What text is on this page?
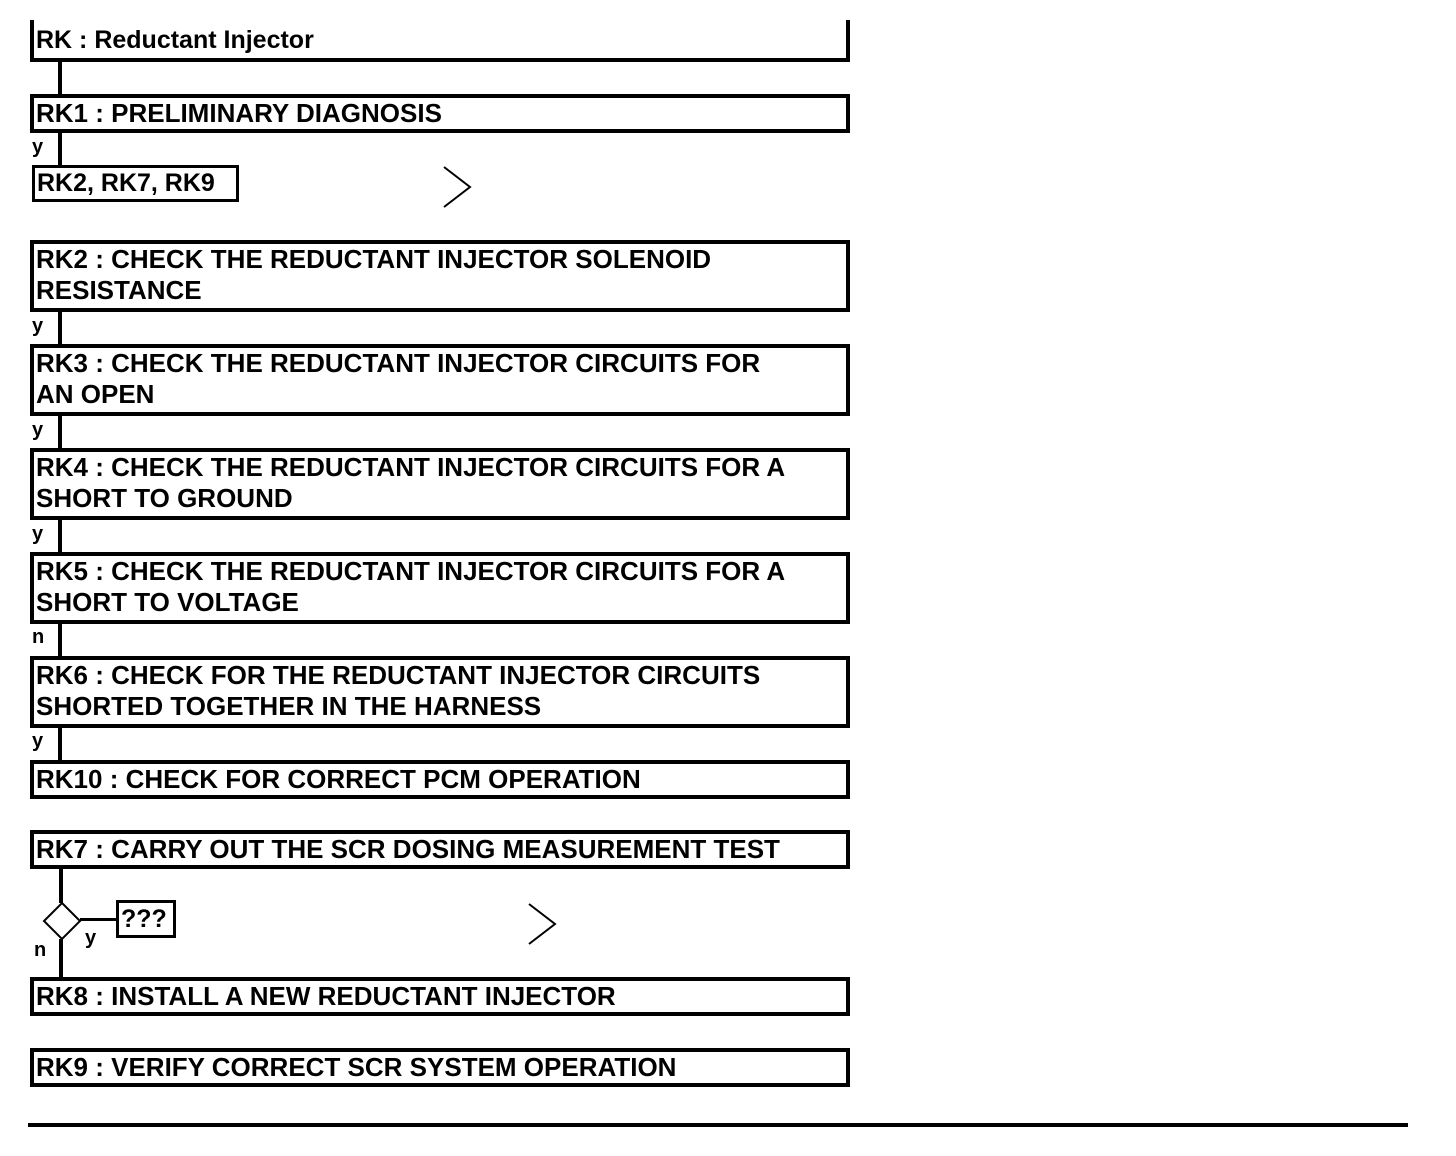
RK : Reductant Injector
RK1 : PRELIMINARY DIAGNOSIS
y
RK2, RK7, RK9
RK2 : CHECK THE REDUCTANT INJECTOR SOLENOID
RESISTANCE
y
RK3 : CHECK THE REDUCTANT INJECTOR CIRCUITS FOR
AN OPEN
y
RK4 : CHECK THE REDUCTANT INJECTOR CIRCUITS FOR A
SHORT TO GROUND
y
RK5 : CHECK THE REDUCTANT INJECTOR CIRCUITS FOR A
SHORT TO VOLTAGE
n
RK6 : CHECK FOR THE REDUCTANT INJECTOR CIRCUITS
SHORTED TOGETHER IN THE HARNESS
y
RK10 : CHECK FOR CORRECT PCM OPERATION
RK7 : CARRY OUT THE SCR DOSING MEASUREMENT TEST
???
y
n
RK8 : INSTALL A NEW REDUCTANT INJECTOR
RK9 : VERIFY CORRECT SCR SYSTEM OPERATION
